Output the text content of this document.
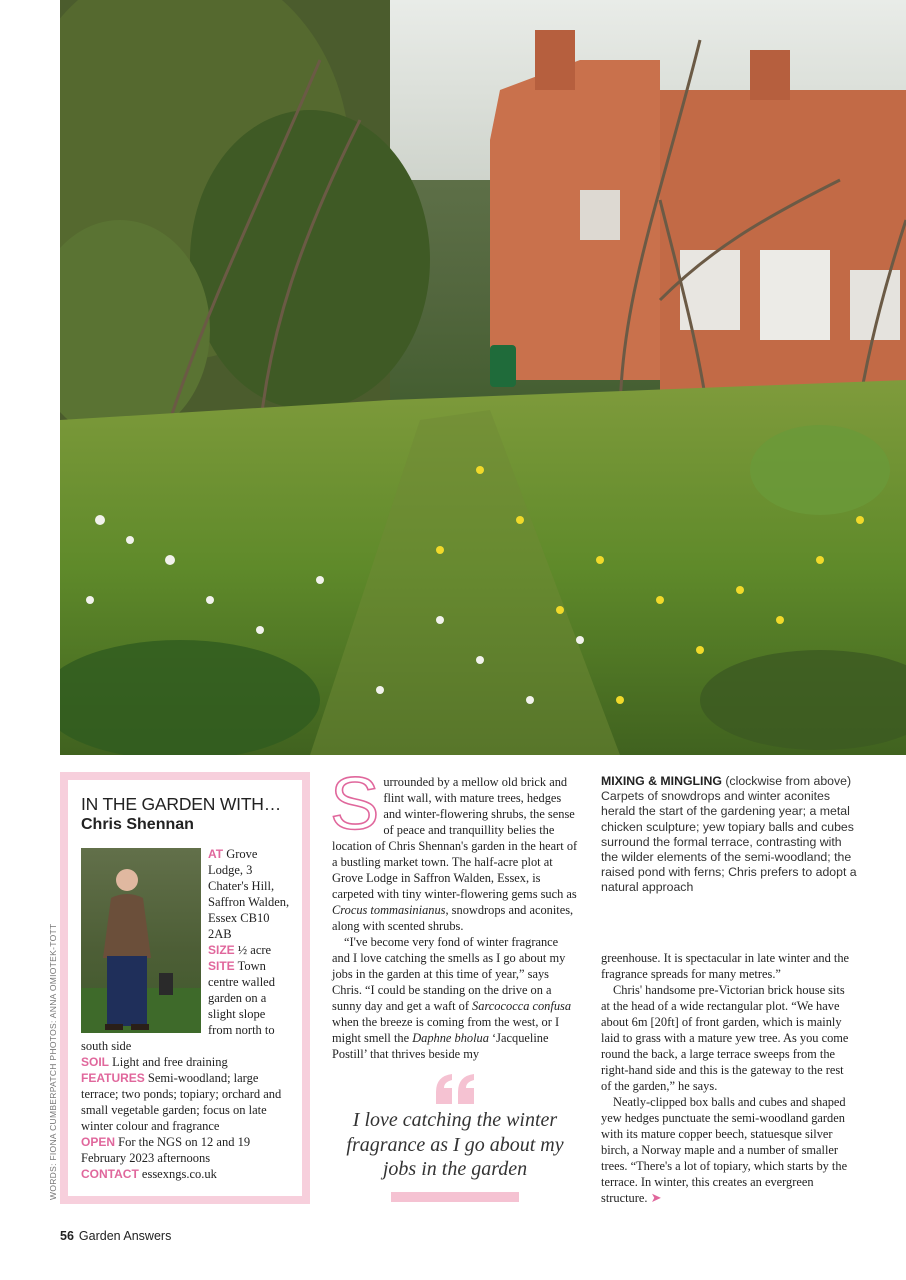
WORDS: FIONA CUMBERPATCH PHOTOS: ANNA OMIOTEK-TOTT
IN THE GARDEN WITH…
Chris Shennan
AT Grove Lodge, 3 Chater's Hill, Saffron Walden, Essex CB10 2AB
SIZE ½ acre
SITE Town centre walled garden on a slight slope from north to south side
SOIL Light and free draining
FEATURES Semi-woodland; large terrace; two ponds; topiary; orchard and small vegetable garden; focus on late winter colour and fragrance
OPEN For the NGS on 12 and 19 February 2023 afternoons
CONTACT essexngs.co.uk

Surrounded by a mellow old brick and flint wall, with mature trees, hedges and winter-flowering shrubs, the sense of peace and tranquillity belies the location of Chris Shennan's garden in the heart of a bustling market town. The half-acre plot at Grove Lodge in Saffron Walden, Essex, is carpeted with tiny winter-flowering gems such as Crocus tommasinianus, snowdrops and aconites, along with scented shrubs.

“I've become very fond of winter fragrance and I love catching the smells as I go about my jobs in the garden at this time of year,” says Chris. “I could be standing on the drive on a sunny day and get a waft of Sarcococca confusa when the breeze is coming from the west, or I might smell the Daphne bholua ‘Jacqueline Postill’ that thrives beside my

I love catching the winter fragrance as I go about my jobs in the garden
MIXING & MINGLING (clockwise from above) Carpets of snowdrops and winter aconites herald the start of the gardening year; a metal chicken sculpture; yew topiary balls and cubes surround the formal terrace, contrasting with the wilder elements of the semi-woodland; the raised pond with ferns; Chris prefers to adopt a natural approach

greenhouse. It is spectacular in late winter and the fragrance spreads for many metres.”

Chris' handsome pre-Victorian brick house sits at the head of a wide rectangular plot. “We have about 6m [20ft] of front garden, which is mainly laid to grass with a mature yew tree. As you come round the back, a large terrace sweeps from the right-hand side and this is the gateway to the rest of the garden,” he says.

Neatly-clipped box balls and cubes and shaped yew hedges punctuate the semi-woodland garden with its mature copper beech, statuesque silver birch, a Norway maple and a number of smaller trees. “There's a lot of topiary, which starts by the terrace. In winter, this creates an evergreen structure. ➤

56 Garden Answers
